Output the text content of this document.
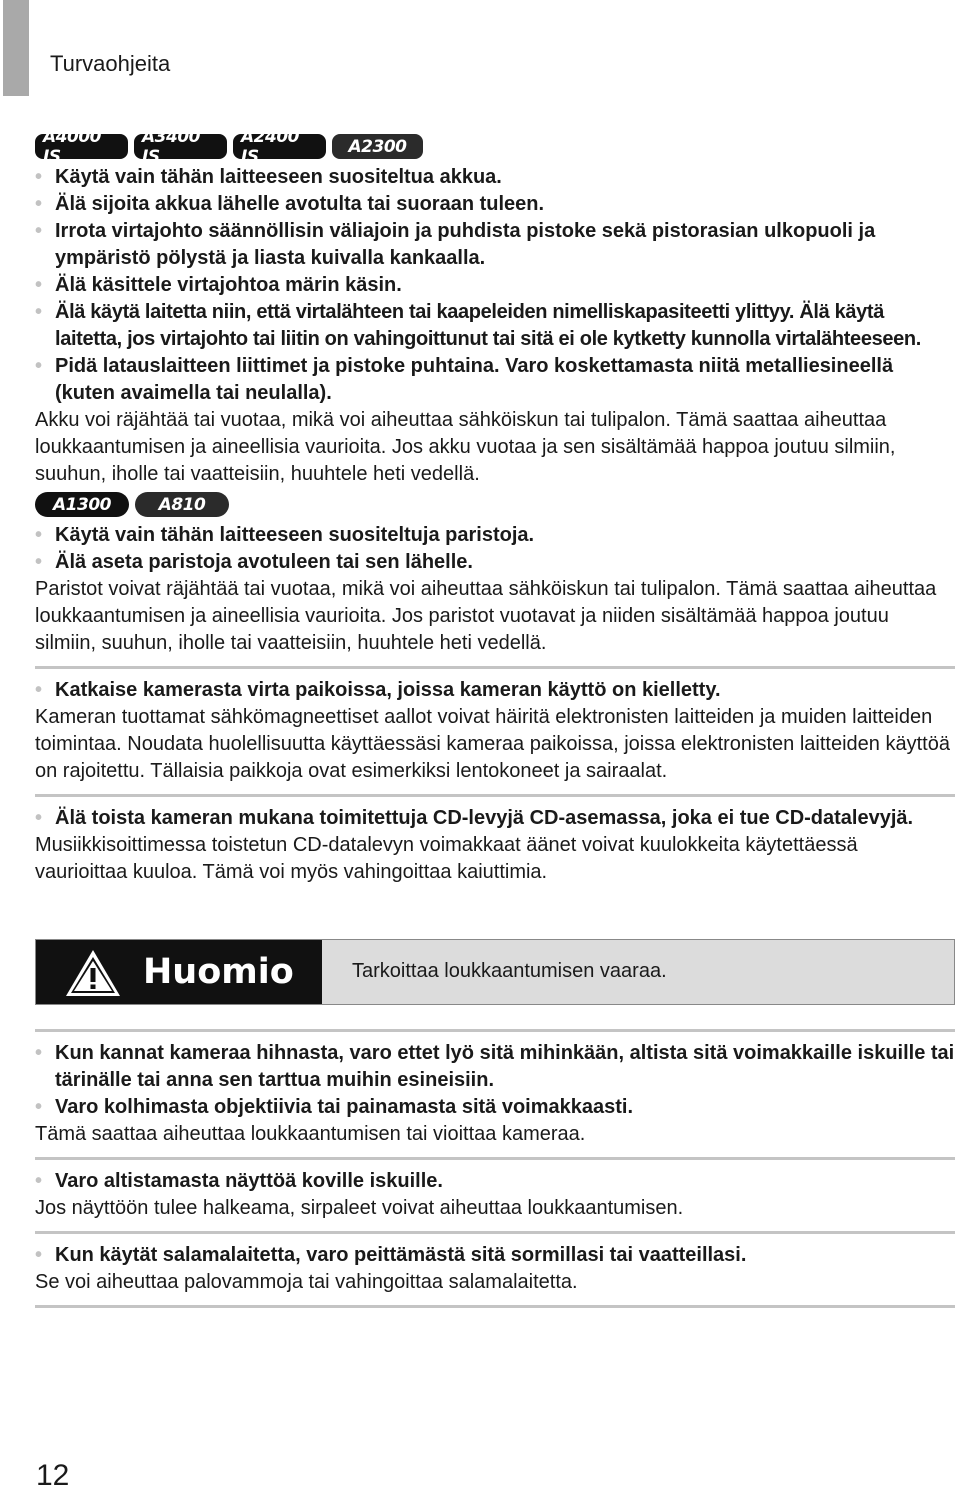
Turvaohjeita
A4000 IS
A3400 IS
A2400 IS	A2300

• Käytä vain tähän laitteeseen suositeltua akkua.

• Älä sijoita akkua lähelle avotulta tai suoraan tuleen.

• Irrota virtajohto säännöllisin väliajoin ja puhdista pistoke sekä pistorasian ulkopuoli ja ympäristö pölystä ja liasta kuivalla kankaalla.

• Älä käsittele virtajohtoa märin käsin.

• Älä käytä laitetta niin, että virtalähteen tai kaapeleiden nimelliskapasiteetti ylittyy. Älä käytä laitetta, jos virtajohto tai liitin on vahingoittunut tai sitä ei ole kytketty kunnolla virtalähteeseen.

• Pidä latauslaitteen liittimet ja pistoke puhtaina. Varo koskettamasta niitä metalliesineellä (kuten avaimella tai neulalla).

Akku voi räjähtää tai vuotaa, mikä voi aiheuttaa sähköiskun tai tulipalon. Tämä saattaa aiheuttaa loukkaantumisen ja aineellisia vaurioita. Jos akku vuotaa ja sen sisältämää happoa joutuu silmiin, suuhun, iholle tai vaatteisiin, huuhtele heti vedellä.

A1300	A810

• Käytä vain tähän laitteeseen suositeltuja paristoja.

• Älä aseta paristoja avotuleen tai sen lähelle.

Paristot voivat räjähtää tai vuotaa, mikä voi aiheuttaa sähköiskun tai tulipalon. Tämä saattaa aiheuttaa loukkaantumisen ja aineellisia vaurioita. Jos paristot vuotavat ja niiden sisältämää happoa joutuu silmiin, suuhun, iholle tai vaatteisiin, huuhtele heti vedellä.

• Katkaise kamerasta virta paikoissa, joissa kameran käyttö on kielletty.

Kameran tuottamat sähkömagneettiset aallot voivat häiritä elektronisten laitteiden ja muiden laitteiden toimintaa. Noudata huolellisuutta käyttäessäsi kameraa paikoissa, joissa elektronisten laitteiden käyttöä on rajoitettu. Tällaisia paikkoja ovat esimerkiksi lentokoneet ja sairaalat.

• Älä toista kameran mukana toimitettuja CD-levyjä CD-asemassa, joka ei tue CD-datalevyjä.

Musiikkisoittimessa toistetun CD-datalevyn voimakkaat äänet voivat kuulokkeita käytettäessä vaurioittaa kuuloa. Tämä voi myös vahingoittaa kaiuttimia.

Huomio	Tarkoittaa loukkaantumisen vaaraa.

• Kun kannat kameraa hihnasta, varo ettet lyö sitä mihinkään, altista sitä voimakkaille iskuille tai tärinälle tai anna sen tarttua muihin esineisiin.

• Varo kolhimasta objektiivia tai painamasta sitä voimakkaasti.

Tämä saattaa aiheuttaa loukkaantumisen tai vioittaa kameraa.

• Varo altistamasta näyttöä koville iskuille.

Jos näyttöön tulee halkeama, sirpaleet voivat aiheuttaa loukkaantumisen.

• Kun käytät salamalaitetta, varo peittämästä sitä sormillasi tai vaatteillasi.

Se voi aiheuttaa palovammoja tai vahingoittaa salamalaitetta.

12
